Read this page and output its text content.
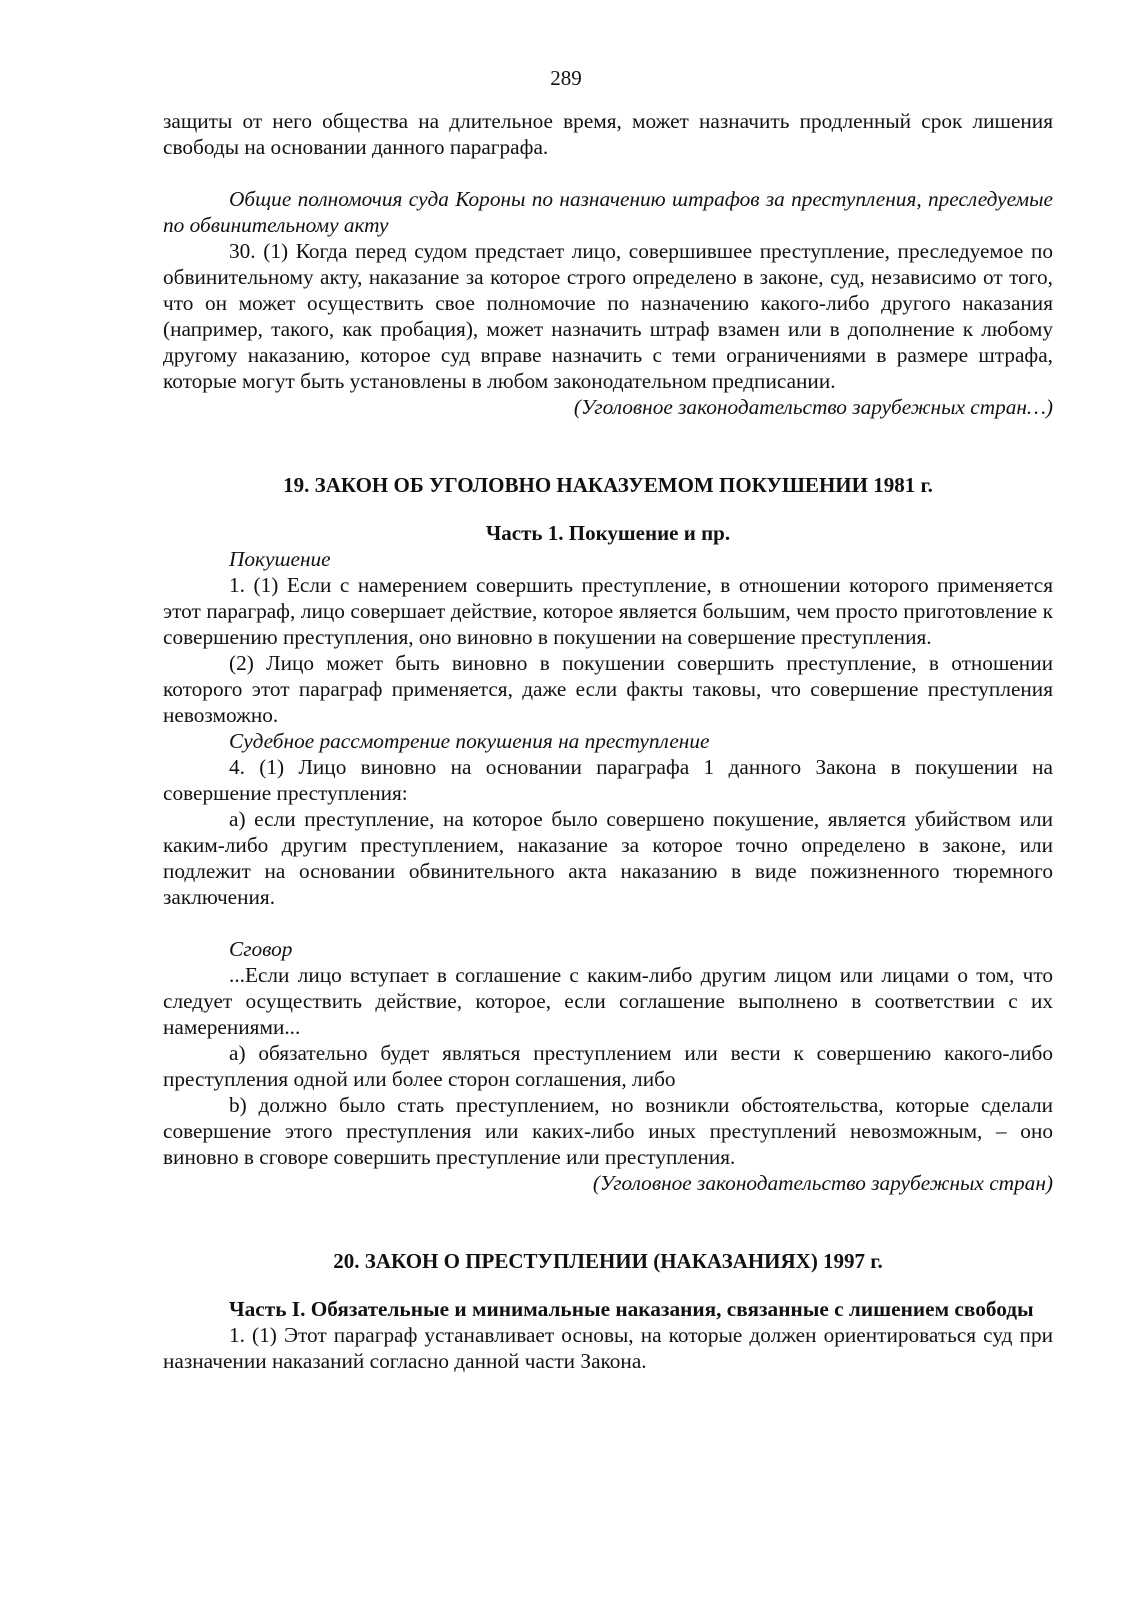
289

защиты от него общества на длительное время, может назначить продленный срок лишения свободы на основании данного параграфа.

Общие полномочия суда Короны по назначению штрафов за преступления, преследуемые по обвинительному акту

30. (1) Когда перед судом предстает лицо, совершившее преступление, преследуемое по обвинительному акту, наказание за которое строго определено в законе, суд, независимо от того, что он может осуществить свое полномочие по назначению какого-либо другого наказания (например, такого, как пробация), может назначить штраф взамен или в дополнение к любому другому наказанию, которое суд вправе назначить с теми ограничениями в размере штрафа, которые могут быть установлены в любом законодательном предписании.

(Уголовное законодательство зарубежных стран…)

19. ЗАКОН ОБ УГОЛОВНО НАКАЗУЕМОМ ПОКУШЕНИИ 1981 г.

Часть 1. Покушение и пр.

Покушение

1. (1) Если с намерением совершить преступление, в отношении которого применяется этот параграф, лицо совершает действие, которое является большим, чем просто приготовление к совершению преступления, оно виновно в покушении на совершение преступления.

(2) Лицо может быть виновно в покушении совершить преступление, в отношении которого этот параграф применяется, даже если факты таковы, что совершение преступления невозможно.

Судебное рассмотрение покушения на преступление

4. (1) Лицо виновно на основании параграфа 1 данного Закона в покушении на совершение преступления:

a) если преступление, на которое было совершено покушение, является убийством или каким-либо другим преступлением, наказание за которое точно определено в законе, или подлежит на основании обвинительного акта наказанию в виде пожизненного тюремного заключения.

Сговор

...Если лицо вступает в соглашение с каким-либо другим лицом или лицами о том, что следует осуществить действие, которое, если соглашение выполнено в соответствии с их намерениями...

a) обязательно будет являться преступлением или вести к совершению какого-либо преступления одной или более сторон соглашения, либо

b) должно было стать преступлением, но возникли обстоятельства, которые сделали совершение этого преступления или каких-либо иных преступлений невозможным, – оно виновно в сговоре совершить преступление или преступления.

(Уголовное законодательство зарубежных стран)

20. ЗАКОН О ПРЕСТУПЛЕНИИ (НАКАЗАНИЯХ) 1997 г.

Часть I. Обязательные и минимальные наказания, связанные с лишением свободы

1. (1) Этот параграф устанавливает основы, на которые должен ориентироваться суд при назначении наказаний согласно данной части Закона.
